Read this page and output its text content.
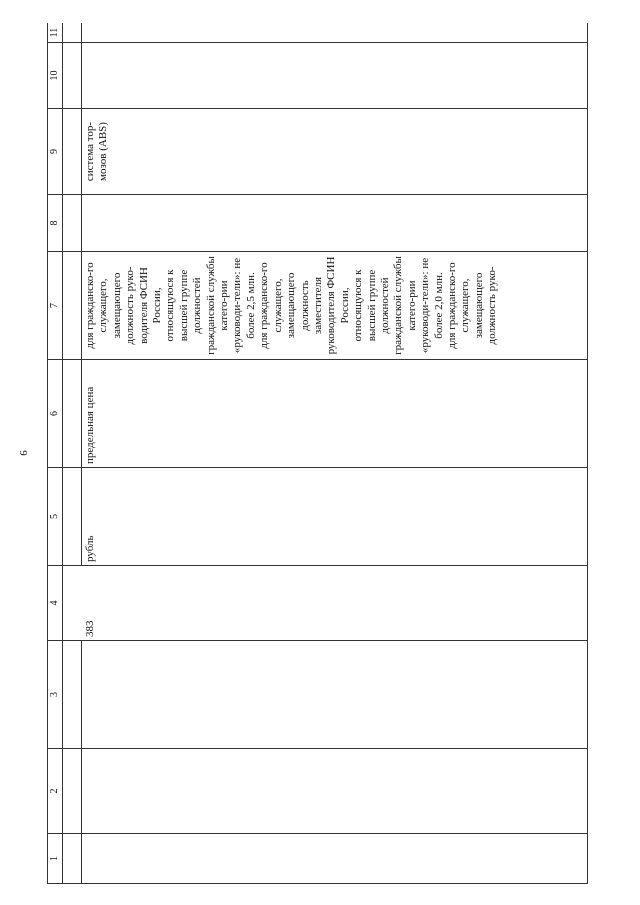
9
1	2	3	4	5	6	7	8	9	10	11

			383	рубль	предельная цена	для гражданско-го служащего, замещающего должность руко-водителя ФСИН России, относящуюся к высшей группе должностей гражданской службы катего-рии «руководи-тели»: не более 2,5 млн. для гражданско-го служащего, замещающего должность заместителя руководителя ФСИН России, относящуюся к высшей группе должностей гражданской службы катего-рии «руководи-тели»: не более 2,0 млн. для гражданско-го служащего, замещающего должность руко-		система тор-мозов (ABS)		
